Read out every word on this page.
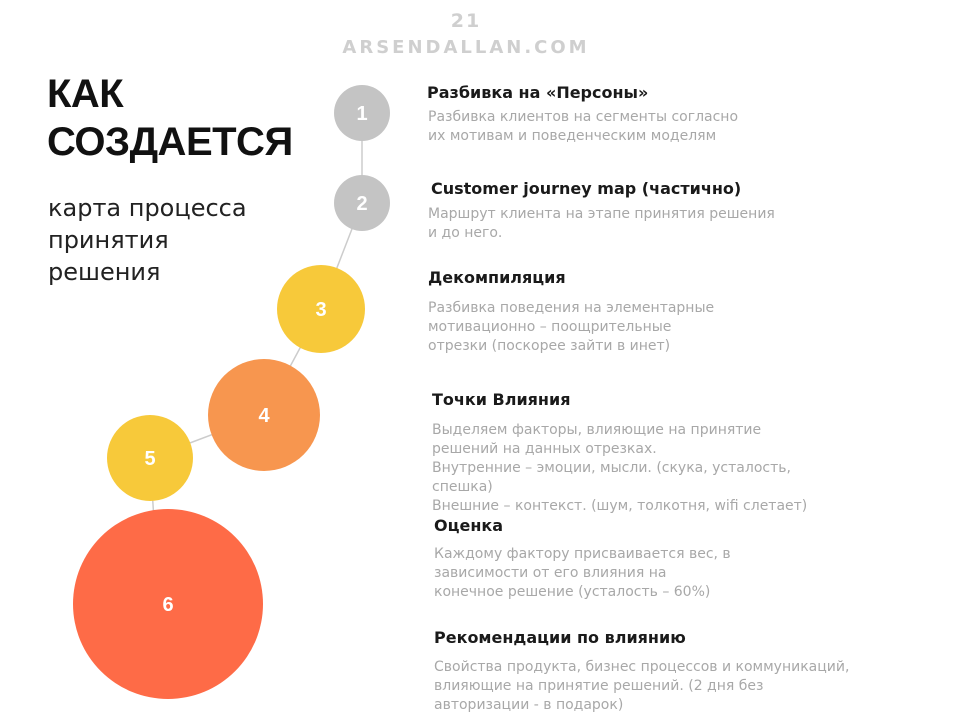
21
ARSENDALLAN.COM
КАК
СОЗДАЕТСЯ
карта процесса
принятия
решения
1
2
3
4
5
6
Разбивка на «Персоны»
Разбивка клиентов на сегменты согласно
их мотивам и поведенческим моделям
Customer journey map (частично)
Маршрут клиента на этапе принятия решения
и до него.
Декомпиляция
Разбивка поведения на элементарные
мотивационно – поощрительные
отрезки (поскорее зайти в инет)
Точки Влияния
Выделяем факторы, влияющие на принятие
решений на данных отрезках.
Внутренние – эмоции, мысли. (скука, усталость,
спешка)
Внешние – контекст. (шум, толкотня, wifi слетает)
Оценка
Каждому фактору присваивается вес, в
зависимости от его влияния на
конечное решение (усталость – 60%)
Рекомендации по влиянию
Свойства продукта, бизнес процессов и коммуникаций,
влияющие на принятие решений. (2 дня без
авторизации - в подарок)
